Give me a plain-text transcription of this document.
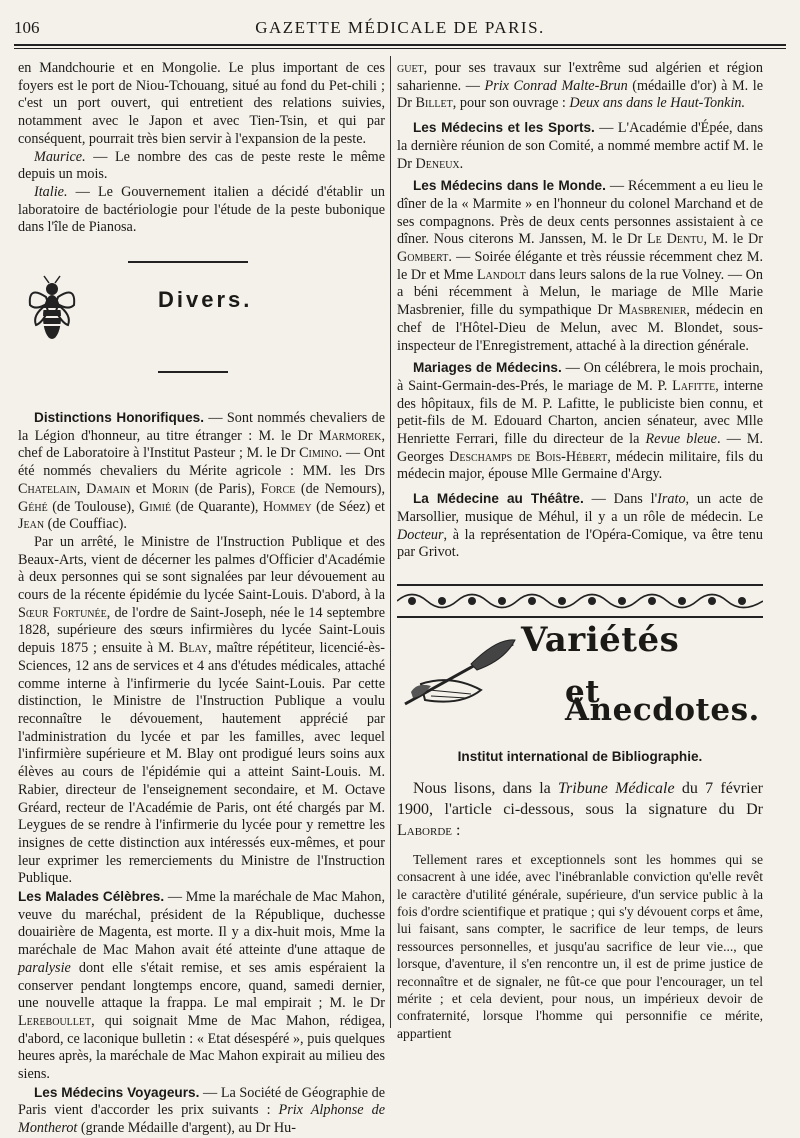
106	GAZETTE MÉDICALE DE PARIS.

en Mandchourie et en Mongolie. Le plus important de ces foyers est le port de Niou-Tchouang, situé au fond du Pet-chili ; c'est un port ouvert, qui entretient des relations suivies, notamment avec le Japon et avec Tien-Tsin, et qui par conséquent, pourrait très bien servir à l'expansion de la peste.

Maurice. — Le nombre des cas de peste reste le même depuis un mois.

Italie. — Le Gouvernement italien a décidé d'établir un laboratoire de bactériologie pour l'étude de la peste bubonique dans l'île de Pianosa.

Divers.

Distinctions Honorifiques. — Sont nommés chevaliers de la Légion d'honneur, au titre étranger : M. le Dr Marmorek, chef de Laboratoire à l'Institut Pasteur ; M. le Dr Cimino. — Ont été nommés chevaliers du Mérite agricole : MM. les Drs Chatelain, Damain et Morin (de Paris), Force (de Nemours), Géhé (de Toulouse), Gimié (de Quarante), Hommey (de Séez) et Jean (de Couffiac).

Par un arrêté, le Ministre de l'Instruction Publique et des Beaux-Arts, vient de décerner les palmes d'Officier d'Académie à deux personnes qui se sont signalées par leur dévouement au cours de la récente épidémie du lycée Saint-Louis. D'abord, à la Sœur Fortunée, de l'ordre de Saint-Joseph, née le 14 septembre 1828, supérieure des sœurs infirmières du lycée Saint-Louis depuis 1875 ; ensuite à M. Blay, maître répétiteur, licencié-ès-Sciences, 12 ans de services et 4 ans d'études médicales, attaché comme interne à l'infirmerie du lycée Saint-Louis. Par cette distinction, le Ministre de l'Instruction Publique a voulu reconnaître le dévouement, hautement apprécié par l'administration du lycée et par les familles, avec lequel l'infirmière supérieure et M. Blay ont prodigué leurs soins aux élèves au cours de l'épidémie qui a atteint Saint-Louis. M. Rabier, directeur de l'enseignement secondaire, et M. Octave Gréard, recteur de l'Académie de Paris, ont été chargés par M. Leygues de se rendre à l'infirmerie du lycée pour y remettre les insignes de cette distinction aux intéressés eux-mêmes, et pour leur exprimer les remerciements du Ministre de l'Instruction Publique.

Les Malades Célèbres. — Mme la maréchale de Mac Mahon, veuve du maréchal, président de la République, duchesse douairière de Magenta, est morte. Il y a dix-huit mois, Mme la maréchale de Mac Mahon avait été atteinte d'une attaque de paralysie dont elle s'était remise, et ses amis espéraient la conserver pendant longtemps encore, quand, samedi dernier, une nouvelle attaque la frappa. Le mal empirait ; M. le Dr Lereboullet, qui soignait Mme de Mac Mahon, rédigea, d'abord, ce laconique bulletin : « Etat désespéré », puis quelques heures après, la maréchale de Mac Mahon expirait au milieu des siens.

Les Médecins Voyageurs. — La Société de Géographie de Paris vient d'accorder les prix suivants : Prix Alphonse de Montherot (grande Médaille d'argent), au Dr Hu-

guet, pour ses travaux sur l'extrême sud algérien et région saharienne. — Prix Conrad Malte-Brun (médaille d'or) à M. le Dr Billet, pour son ouvrage : Deux ans dans le Haut-Tonkin.

Les Médecins et les Sports. — L'Académie d'Épée, dans la dernière réunion de son Comité, a nommé membre actif M. le Dr Deneux.

Les Médecins dans le Monde. — Récemment a eu lieu le dîner de la « Marmite » en l'honneur du colonel Marchand et de ses compagnons. Près de deux cents personnes assistaient à ce dîner. Nous citerons M. Janssen, M. le Dr Le Dentu, M. le Dr Gombert. — Soirée élégante et très réussie récemment chez M. le Dr et Mme Landolt dans leurs salons de la rue Volney. — On a béni récemment à Melun, le mariage de Mlle Marie Masbrenier, fille du sympathique Dr Masbrenier, médecin en chef de l'Hôtel-Dieu de Melun, avec M. Blondet, sous-inspecteur de l'Enregistrement, attaché à la direction générale.

Mariages de Médecins. — On célébrera, le mois prochain, à Saint-Germain-des-Prés, le mariage de M. P. Lafitte, interne des hôpitaux, fils de M. P. Lafitte, le publiciste bien connu, et petit-fils de M. Edouard Charton, ancien sénateur, avec Mlle Henriette Ferrari, fille du directeur de la Revue bleue. — M. Georges Deschamps de Bois-Hébert, médecin militaire, fils du médecin major, épouse Mlle Germaine d'Argy.

La Médecine au Théâtre. — Dans l'Irato, un acte de Marsollier, musique de Méhul, il y a un rôle de médecin. Le Docteur, à la représentation de l'Opéra-Comique, va être tenu par Grivot.

Variétés
et Anecdotes.
Institut international de Bibliographie.

Nous lisons, dans la Tribune Médicale du 7 février 1900, l'article ci-dessous, sous la signature du Dr Laborde :

Tellement rares et exceptionnels sont les hommes qui se consacrent à une idée, avec l'inébranlable conviction qu'elle revêt le caractère d'utilité générale, supérieure, d'un service public à la fois d'ordre scientifique et pratique ; qui s'y dévouent corps et âme, lui faisant, sans compter, le sacrifice de leur temps, de leurs ressources personnelles, et jusqu'au sacrifice de leur vie..., que lorsque, d'aventure, il s'en rencontre un, il est de prime justice de reconnaître et de signaler, ne fût-ce que pour l'encourager, un tel mérite ; et cela devient, pour nous, un impérieux devoir de confraternité, lorsque l'homme qui personnifie ce mérite, appartient
